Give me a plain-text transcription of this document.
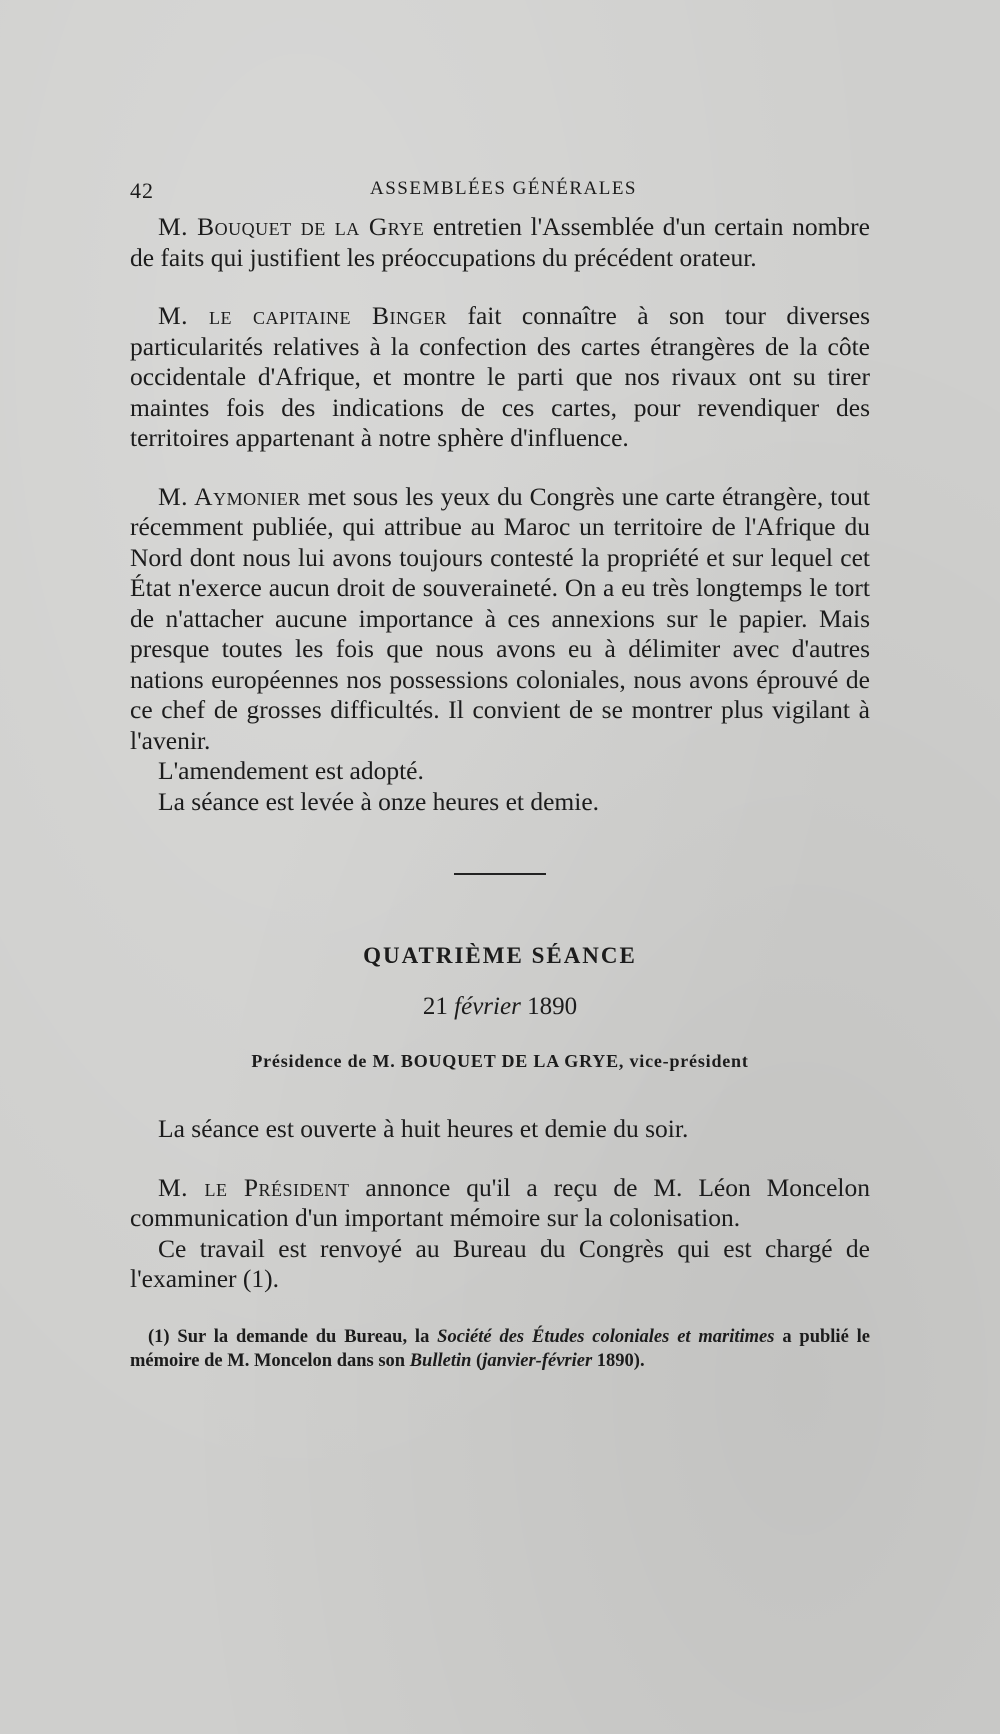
42	ASSEMBLÉES GÉNÉRALES

M. Bouquet de la Grye entretien l'Assemblée d'un certain nombre de faits qui justifient les préoccupations du précédent orateur.

M. le capitaine Binger fait connaître à son tour diverses particularités relatives à la confection des cartes étrangères de la côte occidentale d'Afrique, et montre le parti que nos rivaux ont su tirer maintes fois des indications de ces cartes, pour revendiquer des territoires appartenant à notre sphère d'influence.

M. Aymonier met sous les yeux du Congrès une carte étrangère, tout récemment publiée, qui attribue au Maroc un territoire de l'Afrique du Nord dont nous lui avons toujours contesté la propriété et sur lequel cet État n'exerce aucun droit de souveraineté. On a eu très longtemps le tort de n'attacher aucune importance à ces annexions sur le papier. Mais presque toutes les fois que nous avons eu à délimiter avec d'autres nations européennes nos possessions coloniales, nous avons éprouvé de ce chef de grosses difficultés. Il convient de se montrer plus vigilant à l'avenir.

L'amendement est adopté.

La séance est levée à onze heures et demie.

QUATRIÈME SÉANCE
21 février 1890
Présidence de M. BOUQUET DE LA GRYE, vice-président

La séance est ouverte à huit heures et demie du soir.

M. le Président annonce qu'il a reçu de M. Léon Moncelon communication d'un important mémoire sur la colonisation.

Ce travail est renvoyé au Bureau du Congrès qui est chargé de l'examiner (1).

(1) Sur la demande du Bureau, la Société des Études coloniales et maritimes a publié le mémoire de M. Moncelon dans son Bulletin (janvier-février 1890).
